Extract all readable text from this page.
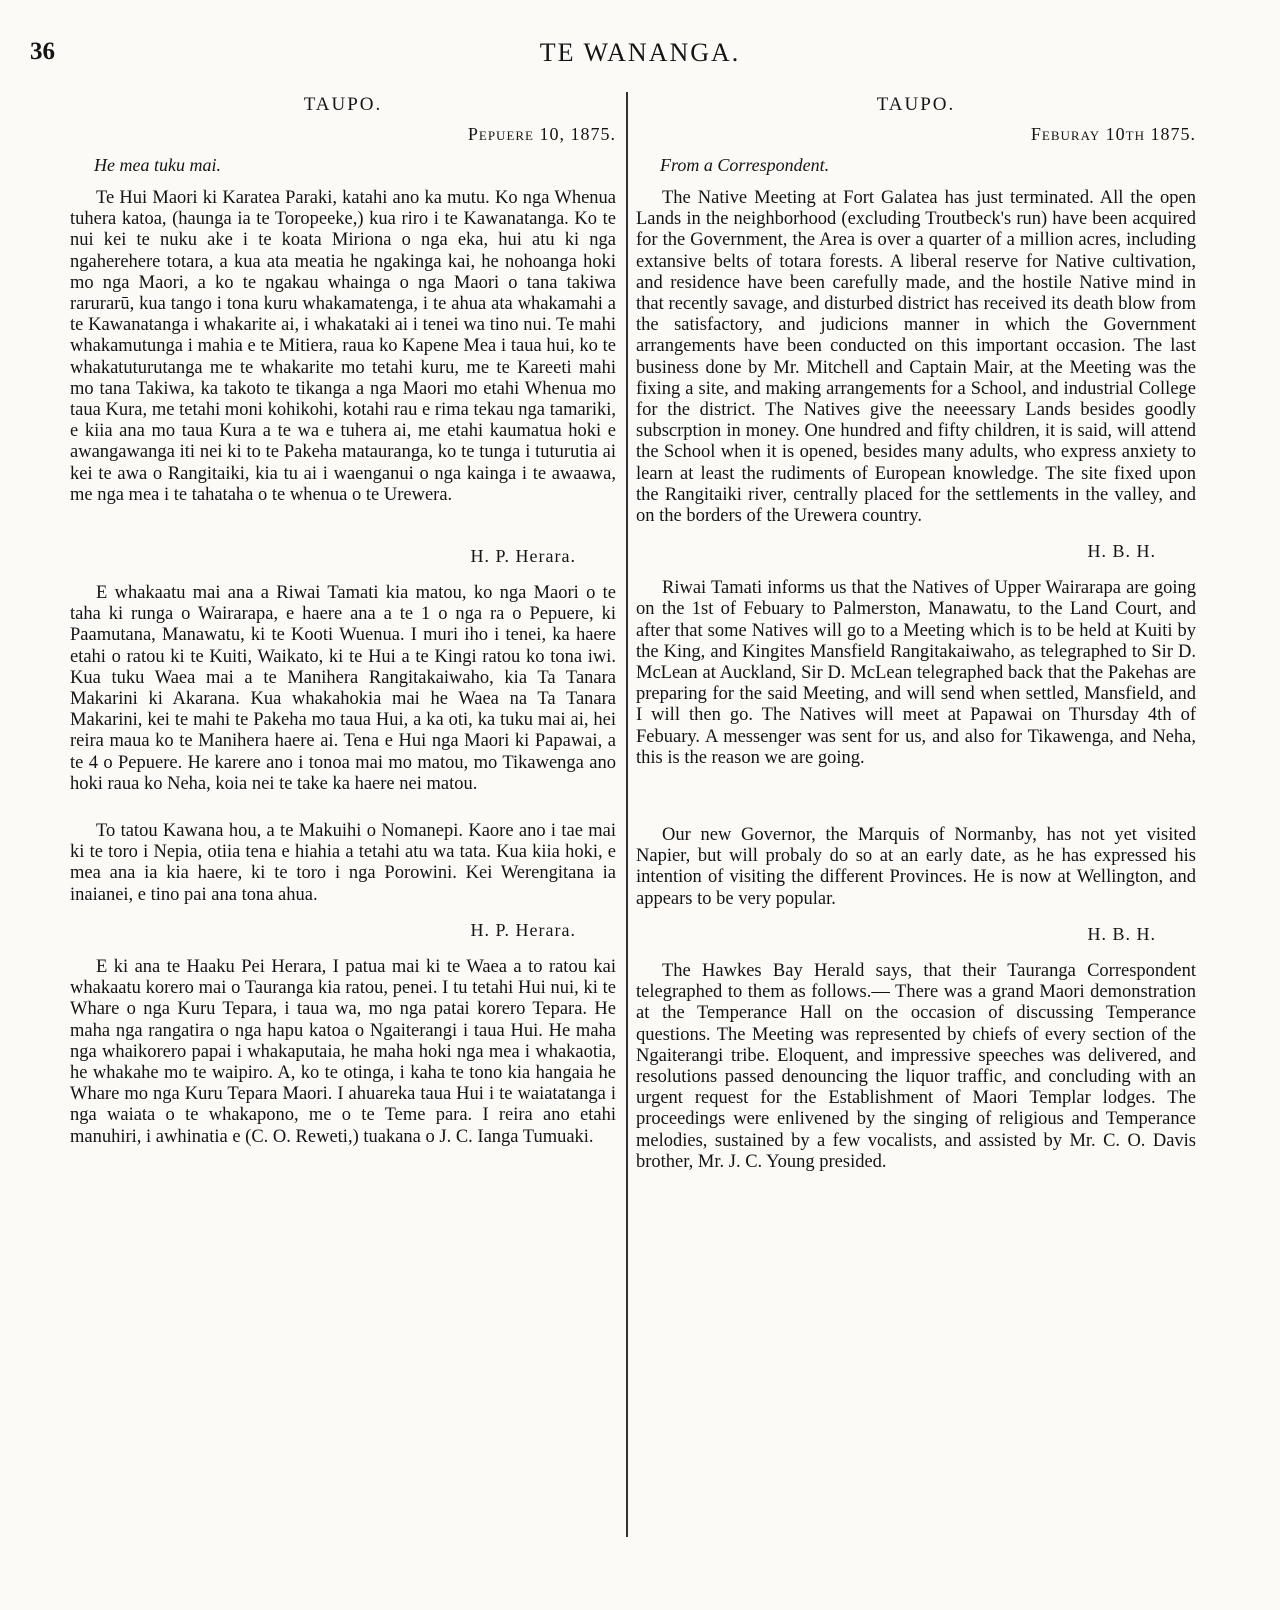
36	TE WANANGA.
TAUPO.
Pepuere 10, 1875.
He mea tuku mai.

Te Hui Maori ki Karatea Paraki, katahi ano ka mutu. Ko nga Whenua tuhera katoa, (haunga ia te Toropeeke,) kua riro i te Kawanatanga. Ko te nui kei te nuku ake i te koata Miriona o nga eka, hui atu ki nga ngaherehere totara, a kua ata meatia he ngakinga kai, he nohoanga hoki mo nga Maori, a ko te ngakau whainga o nga Maori o tana takiwa rarurarū, kua tango i tona kuru whakamatenga, i te ahua ata whakamahi a te Kawanatanga i whakarite ai, i whakataki ai i tenei wa tino nui. Te mahi whakamutunga i mahia e te Mitiera, raua ko Kapene Mea i taua hui, ko te whakatuturutanga me te whakarite mo tetahi kuru, me te Kareeti mahi mo tana Takiwa, ka takoto te tikanga a nga Maori mo etahi Whenua mo taua Kura, me tetahi moni kohikohi, kotahi rau e rima tekau nga tamariki, e kiia ana mo taua Kura a te wa e tuhera ai, me etahi kaumatua hoki e awangawanga iti nei ki to te Pakeha matauranga, ko te tunga i tuturutia ai kei te awa o Rangitaiki, kia tu ai i waenganui o nga kainga i te awaawa, me nga mea i te tahataha o te whenua o te Urewera.

H. P. Herara.

E whakaatu mai ana a Riwai Tamati kia matou, ko nga Maori o te taha ki runga o Wairarapa, e haere ana a te 1 o nga ra o Pepuere, ki Paamutana, Manawatu, ki te Kooti Wuenua. I muri iho i tenei, ka haere etahi o ratou ki te Kuiti, Waikato, ki te Hui a te Kingi ratou ko tona iwi. Kua tuku Waea mai a te Manihera Rangitakaiwaho, kia Ta Tanara Makarini ki Akarana. Kua whakahokia mai he Waea na Ta Tanara Makarini, kei te mahi te Pakeha mo taua Hui, a ka oti, ka tuku mai ai, hei reira maua ko te Manihera haere ai. Tena e Hui nga Maori ki Papawai, a te 4 o Pepuere. He karere ano i tonoa mai mo matou, mo Tikawenga ano hoki raua ko Neha, koia nei te take ka haere nei matou.

To tatou Kawana hou, a te Makuihi o Nomanepi. Kaore ano i tae mai ki te toro i Nepia, otiia tena e hiahia a tetahi atu wa tata. Kua kiia hoki, e mea ana ia kia haere, ki te toro i nga Porowini. Kei Werengitana ia inaianei, e tino pai ana tona ahua.

H. P. Herara.

E ki ana te Haaku Pei Herara, I patua mai ki te Waea a to ratou kai whakaatu korero mai o Tauranga kia ratou, penei. I tu tetahi Hui nui, ki te Whare o nga Kuru Tepara, i taua wa, mo nga patai korero Tepara. He maha nga rangatira o nga hapu katoa o Ngaiterangi i taua Hui. He maha nga whaikorero papai i whakaputaia, he maha hoki nga mea i whakaotia, he whakahe mo te waipiro. A, ko te otinga, i kaha te tono kia hangaia he Whare mo nga Kuru Tepara Maori. I ahuareka taua Hui i te waiatatanga i nga waiata o te whakapono, me o te Teme para. I reira ano etahi manuhiri, i awhinatia e (C. O. Reweti,) tuakana o J. C. Ianga Tumuaki.

TAUPO.
Feburay 10th 1875.
From a Correspondent.

The Native Meeting at Fort Galatea has just terminated. All the open Lands in the neighborhood (excluding Troutbeck's run) have been acquired for the Government, the Area is over a quarter of a million acres, including extansive belts of totara forests. A liberal reserve for Native cultivation, and residence have been carefully made, and the hostile Native mind in that recently savage, and disturbed district has received its death blow from the satisfactory, and judicions manner in which the Government arrangements have been conducted on this important occasion. The last business done by Mr. Mitchell and Captain Mair, at the Meeting was the fixing a site, and making arrangements for a School, and industrial College for the district. The Natives give the neeessary Lands besides goodly subscrption in money. One hundred and fifty children, it is said, will attend the School when it is opened, besides many adults, who express anxiety to learn at least the rudiments of European knowledge. The site fixed upon the Rangitaiki river, centrally placed for the settlements in the valley, and on the borders of the Urewera country.

H. B. H.

Riwai Tamati informs us that the Natives of Upper Wairarapa are going on the 1st of Febuary to Palmerston, Manawatu, to the Land Court, and after that some Natives will go to a Meeting which is to be held at Kuiti by the King, and Kingites Mansfield Rangitakaiwaho, as telegraphed to Sir D. McLean at Auckland, Sir D. McLean telegraphed back that the Pakehas are preparing for the said Meeting, and will send when settled, Mansfield, and I will then go. The Natives will meet at Papawai on Thursday 4th of Febuary. A messenger was sent for us, and also for Tikawenga, and Neha, this is the reason we are going.

Our new Governor, the Marquis of Normanby, has not yet visited Napier, but will probaly do so at an early date, as he has expressed his intention of visiting the different Provinces. He is now at Wellington, and appears to be very popular.

H. B. H.

The Hawkes Bay Herald says, that their Tauranga Correspondent telegraphed to them as follows.— There was a grand Maori demonstration at the Temperance Hall on the occasion of discussing Temperance questions. The Meeting was represented by chiefs of every section of the Ngaiterangi tribe. Eloquent, and impressive speeches was delivered, and resolutions passed denouncing the liquor traffic, and concluding with an urgent request for the Establishment of Maori Templar lodges. The proceedings were enlivened by the singing of religious and Temperance melodies, sustained by a few vocalists, and assisted by Mr. C. O. Davis brother, Mr. J. C. Young presided.
